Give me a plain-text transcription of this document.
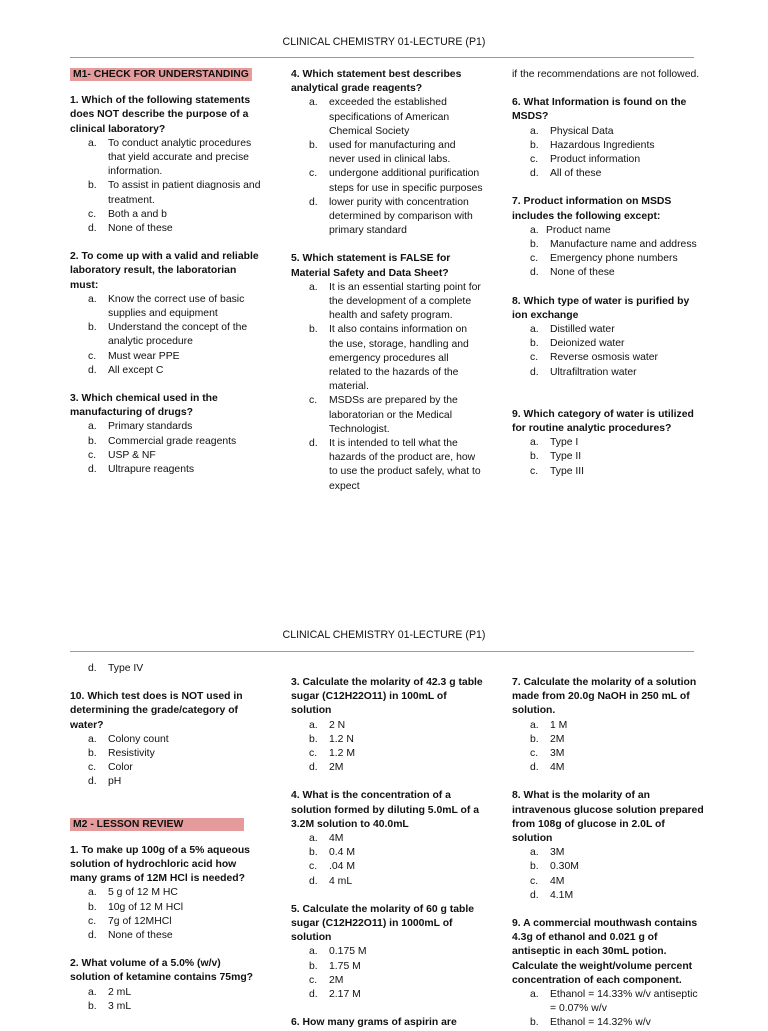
CLINICAL CHEMISTRY 01-LECTURE (P1)
M1- CHECK FOR UNDERSTANDING

1. Which of the following statements does NOT describe the purpose of a clinical laboratory?

a. To conduct analytic procedures that yield accurate and precise information.
b. To assist in patient diagnosis and treatment.
c. Both a and b
d. None of these

2. To come up with a valid and reliable laboratory result, the laboratorian must:

a. Know the correct use of basic supplies and equipment
b. Understand the concept of the analytic procedure
c. Must wear PPE
d. All except C

3. Which chemical used in the manufacturing of drugs?

a. Primary standards
b. Commercial grade reagents
c. USP & NF
d. Ultrapure reagents

4. Which statement best describes analytical grade reagents?

a. exceeded the established specifications of American Chemical Society
b. used for manufacturing and never used in clinical labs.
c. undergone additional purification steps for use in specific purposes
d. lower purity with concentration determined by comparison with primary standard

5. Which statement is FALSE for Material Safety and Data Sheet?

a. It is an essential starting point for the development of a complete health and safety program.
b. It also contains information on the use, storage, handling and emergency procedures all related to the hazards of the material.
c. MSDSs are prepared by the laboratorian or the Medical Technologist.
d. It is intended to tell what the hazards of the product are, how to use the product safely, what to expect

if the recommendations are not followed.

6. What Information is found on the MSDS?

a. Physical Data
b. Hazardous Ingredients
c. Product information
d. All of these

7. Product information on MSDS includes the following except:

a. Product name
b. Manufacture name and address
c. Emergency phone numbers
d. None of these

8. Which type of water is purified by ion exchange

a. Distilled water
b. Deionized water
c. Reverse osmosis water
d. Ultrafiltration water

9. Which category of water is utilized for routine analytic procedures?

a. Type I
b. Type II
c. Type III
CLINICAL CHEMISTRY 01-LECTURE (P1)
d. Type IV

10. Which test does is NOT used in determining the grade/category of water?

a. Colony count
b. Resistivity
c. Color
d. pH
M2 - LESSON REVIEW

1. To make up 100g of a 5% aqueous solution of hydrochloric acid how many grams of 12M HCl is needed?

a. 5 g of 12 M HC
b. 10g of 12 M HCl
c. 7g of 12MHCl
d. None of these

2. What volume of a 5.0% (w/v) solution of ketamine contains 75mg?

a. 2 mL
b. 3 mL

3. Calculate the molarity of 42.3 g table sugar (C12H22O11) in 100mL of solution

a. 2 N
b. 1.2 N
c. 1.2 M
d. 2M

4. What is the concentration of a solution formed by diluting 5.0mL of a 3.2M solution to 40.0mL

a. 4M
b. 0.4 M
c. .04 M
d. 4 mL

5. Calculate the molarity of 60 g table sugar (C12H22O11) in 1000mL of solution

a. 0.175 M
b. 1.75 M
c. 2M
d. 2.17 M

6. How many grams of aspirin are

7. Calculate the molarity of a solution made from 20.0g NaOH in 250 mL of solution.

a. 1 M
b. 2M
c. 3M
d. 4M

8. What is the molarity of an intravenous glucose solution prepared from 108g of glucose in 2.0L of solution

a. 3M
b. 0.30M
c. 4M
d. 4.1M

9. A commercial mouthwash contains 4.3g of ethanol and 0.021 g of antiseptic in each 30mL potion. Calculate the weight/volume percent concentration of each component.

a. Ethanol = 14.33% w/v antiseptic = 0.07% w/v
b. Ethanol = 14.32% w/v
